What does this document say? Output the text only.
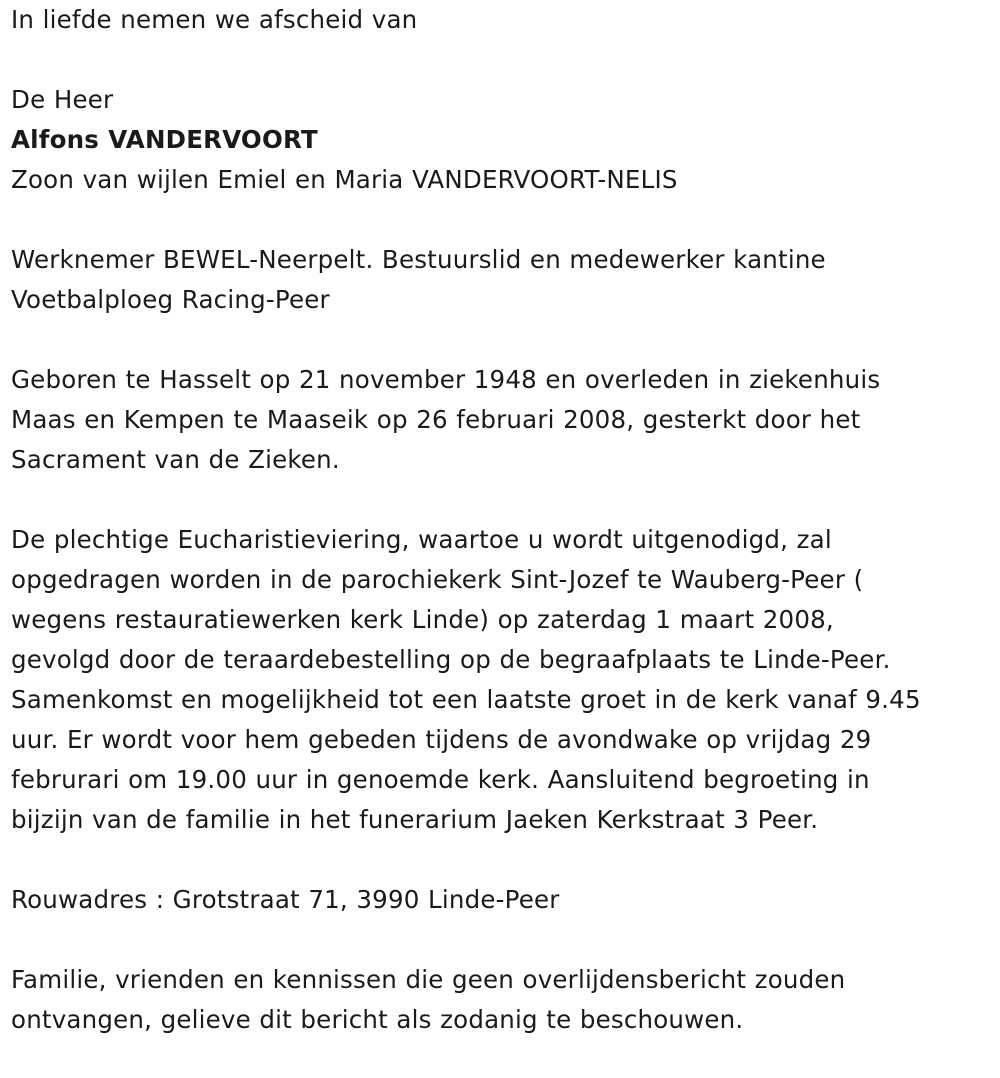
In liefde nemen we afscheid van
De Heer
Alfons VANDERVOORT
Zoon van wijlen Emiel en Maria VANDERVOORT-NELIS
Werknemer BEWEL-Neerpelt. Bestuurslid en medewerker kantine
Voetbalploeg Racing-Peer
Geboren te Hasselt op 21 november 1948 en overleden in ziekenhuis
Maas en Kempen te Maaseik op 26 februari 2008, gesterkt door het
Sacrament van de Zieken.
De plechtige Eucharistieviering, waartoe u wordt uitgenodigd, zal
opgedragen worden in de parochiekerk Sint-Jozef te Wauberg-Peer (
wegens restauratiewerken kerk Linde) op zaterdag 1 maart 2008,
gevolgd door de teraardebestelling op de begraafplaats te Linde-Peer.
Samenkomst en mogelijkheid tot een laatste groet in de kerk vanaf 9.45
uur. Er wordt voor hem gebeden tijdens de avondwake op vrijdag 29
februrari om 19.00 uur in genoemde kerk. Aansluitend begroeting in
bijzijn van de familie in het funerarium Jaeken Kerkstraat 3 Peer.
Rouwadres : Grotstraat 71, 3990 Linde-Peer
Familie, vrienden en kennissen die geen overlijdensbericht zouden
ontvangen, gelieve dit bericht als zodanig te beschouwen.
